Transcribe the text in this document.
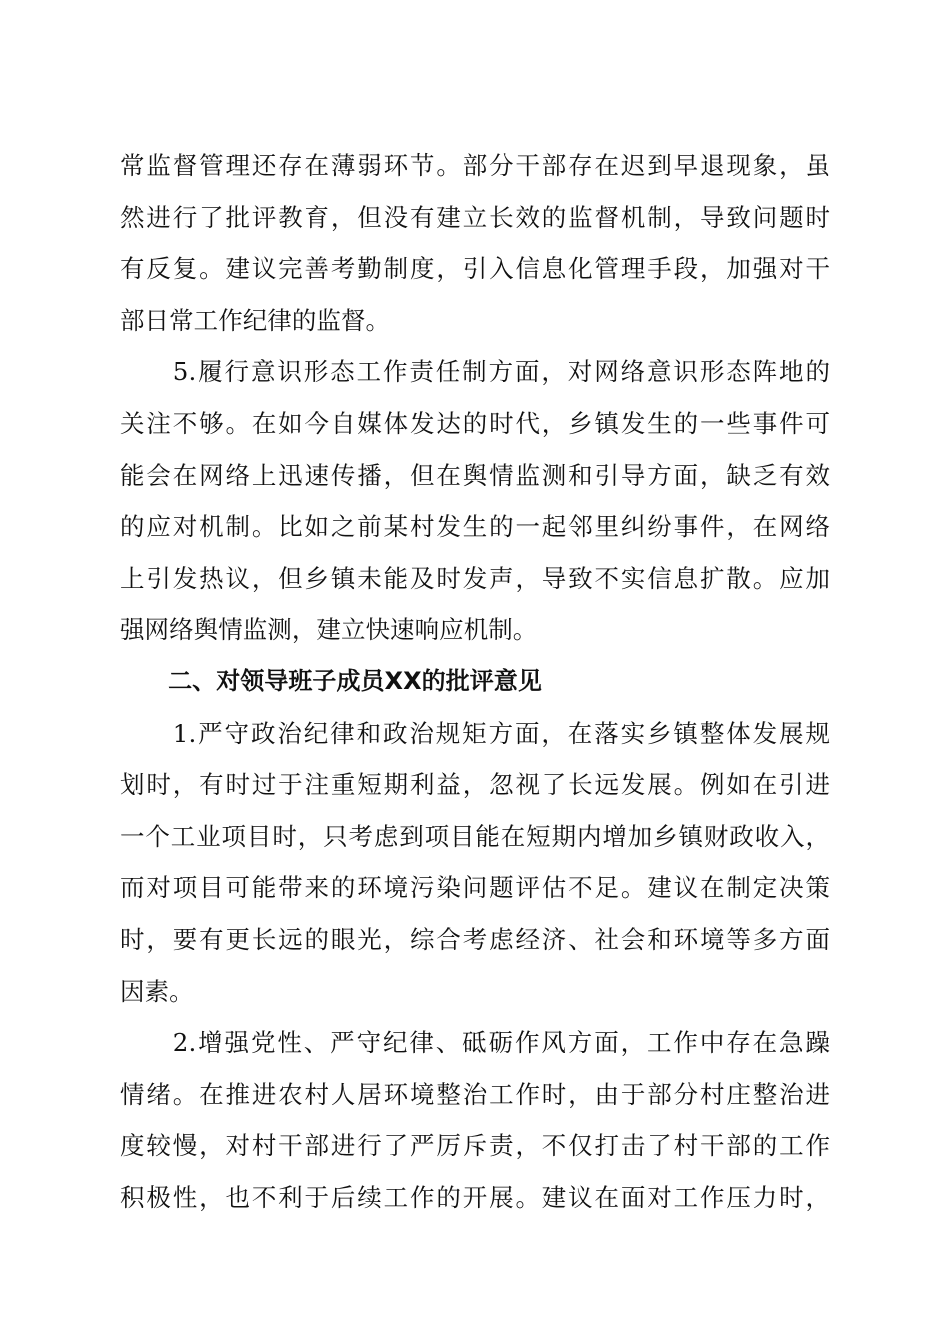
常监督管理还存在薄弱环节。部分干部存在迟到早退现象，虽
然进行了批评教育，但没有建立长效的监督机制，导致问题时
有反复。建议完善考勤制度，引入信息化管理手段，加强对干
部日常工作纪律的监督。
　　5.履行意识形态工作责任制方面，对网络意识形态阵地的
关注不够。在如今自媒体发达的时代，乡镇发生的一些事件可
能会在网络上迅速传播，但在舆情监测和引导方面，缺乏有效
的应对机制。比如之前某村发生的一起邻里纠纷事件，在网络
上引发热议，但乡镇未能及时发声，导致不实信息扩散。应加
强网络舆情监测，建立快速响应机制。
　　二、对领导班子成员XX的批评意见
　　1.严守政治纪律和政治规矩方面，在落实乡镇整体发展规
划时，有时过于注重短期利益，忽视了长远发展。例如在引进
一个工业项目时，只考虑到项目能在短期内增加乡镇财政收入，
而对项目可能带来的环境污染问题评估不足。建议在制定决策
时，要有更长远的眼光，综合考虑经济、社会和环境等多方面
因素。
　　2.增强党性、严守纪律、砥砺作风方面，工作中存在急躁
情绪。在推进农村人居环境整治工作时，由于部分村庄整治进
度较慢，对村干部进行了严厉斥责，不仅打击了村干部的工作
积极性，也不利于后续工作的开展。建议在面对工作压力时，
